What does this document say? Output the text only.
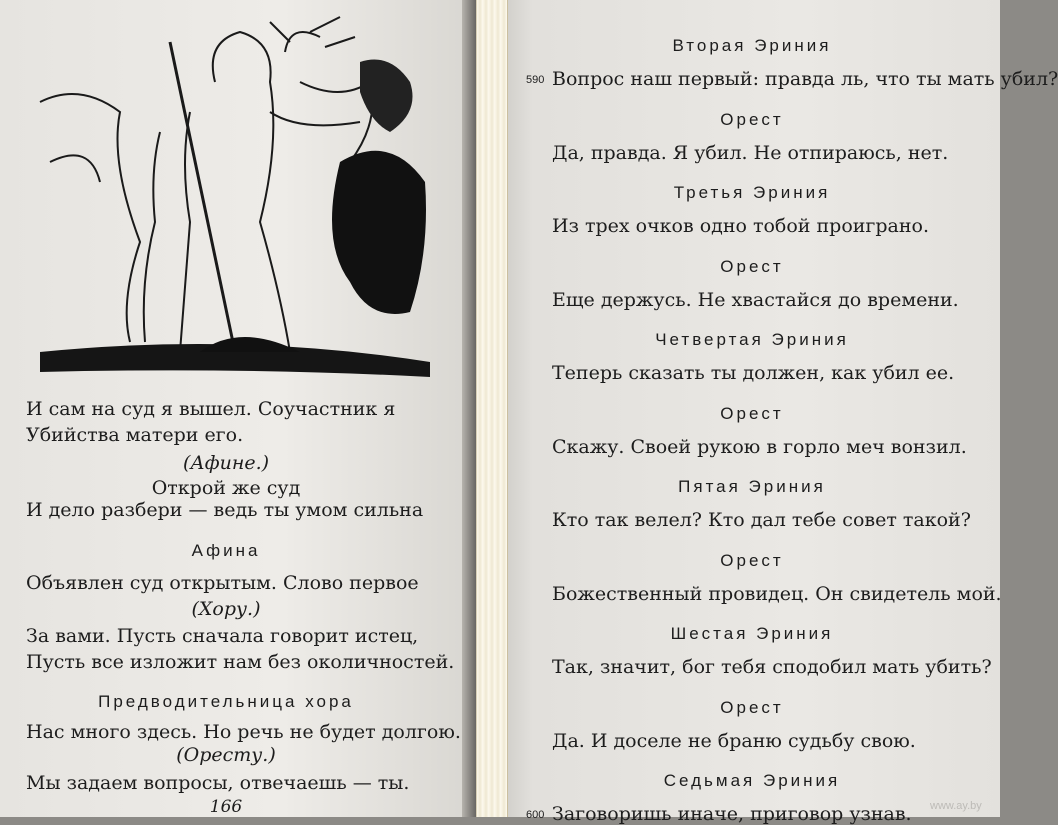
И сам на суд я вышел. Соучастник я
Убийства матери его.
(Афине.)
Открой же суд
И дело разбери — ведь ты умом сильна
Афина
Объявлен суд открытым. Слово первое
(Хору.)
За вами. Пусть сначала говорит истец,
Пусть все изложит нам без околичностей.
Предводительница хора
Нас много здесь. Но речь не будет долгою.
(Оресту.)
Мы задаем вопросы, отвечаешь — ты.
166
Вторая Эриния
Вопрос наш первый: правда ль, что ты мать убил?
590
Орест
Да, правда. Я убил. Не отпираюсь, нет.
Третья Эриния
Из трех очков одно тобой проиграно.
Орест
Еще держусь. Не хвастайся до времени.
Четвертая Эриния
Теперь сказать ты должен, как убил ее.
Орест
Скажу. Своей рукою в горло меч вонзил.
Пятая Эриния
Кто так велел? Кто дал тебе совет такой?
Орест
Божественный провидец. Он свидетель мой.
Шестая Эриния
Так, значит, бог тебя сподобил мать убить?
Орест
Да. И доселе не браню судьбу свою.
Седьмая Эриния
Заговоришь иначе, приговор узнав.
600
www.ay.by
